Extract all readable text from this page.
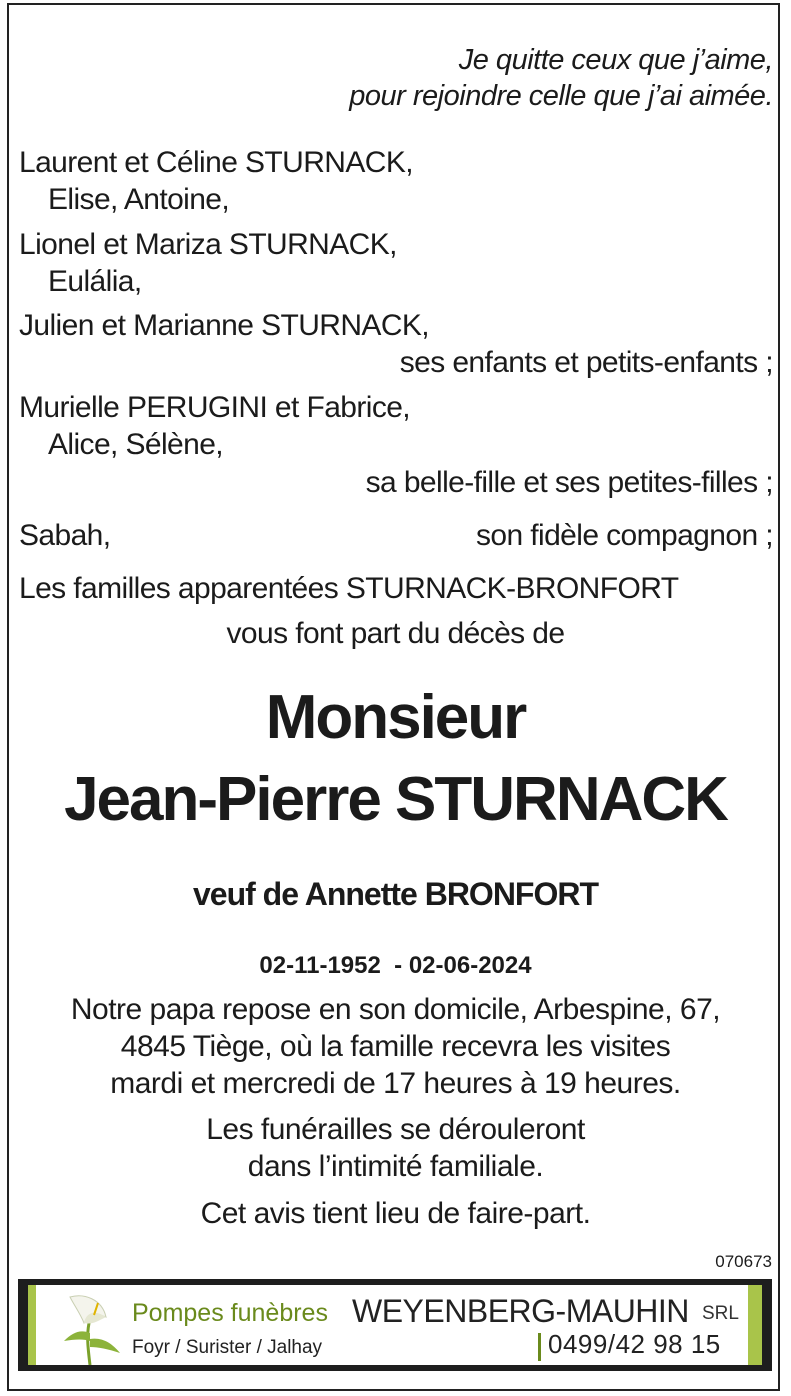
Je quitte ceux que j’aime,
pour rejoindre celle que j’ai aimée.
Laurent et Céline STURNACK,
Elise, Antoine,
Lionel et Mariza STURNACK,
Eulália,
Julien et Marianne STURNACK,
ses enfants et petits-enfants ;
Murielle PERUGINI et Fabrice,
Alice, Sélène,
sa belle-fille et ses petites-filles ;
Sabah,	son fidèle compagnon ;
Les familles apparentées STURNACK-BRONFORT
vous font part du décès de
Monsieur
Jean-Pierre STURNACK
veuf de Annette BRONFORT
02-11-1952  - 02-06-2024
Notre papa repose en son domicile, Arbespine, 67,
4845 Tiège, où la famille recevra les visites
mardi et mercredi de 17 heures à 19 heures.
Les funérailles se dérouleront
dans l’intimité familiale.
Cet avis tient lieu de faire-part.
070673
Pompes funèbres WEYENBERG-MAUHIN SRL
Foyr / Surister / Jalhay	0499/42 98 15
